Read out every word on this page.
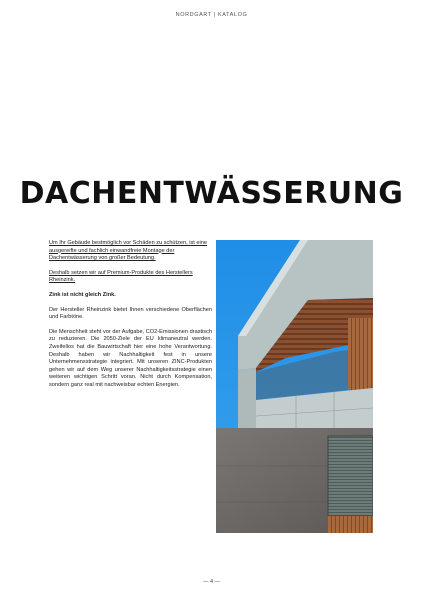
NORDGART | KATALOG
DACHENTWÄSSERUNG

Um Ihr Gebäude bestmöglich vor Schäden zu schützen, ist eine ausgereifte und fachlich einwandfreie Montage der Dachentwässerung von großer Bedeutung.

Deshalb setzen wir auf Premium-Produkte des Herstellers Rheinzink.

Zink ist nicht gleich Zink.

Der Hersteller Rheinzink bietet Ihnen verschiedene Oberflächen und Farbtöne.

Die Menschheit steht vor der Aufgabe, CO2-Emissionen drastisch zu reduzieren. Die 2050-Ziele der EU klimaneutral werden. Zweifellos hat die Bauwirtschaft hier eine hohe Verantwortung. Deshalb haben wir Nachhaltigkeit fest in unsere Unternehmensstrategie integriert. Mit unseren ZINC-Produkten gehen wir auf dem Weg unserer Nachhaltigkeitsstrategie einen weiteren wichtigen Schritt voran. Nicht durch Kompensation, sondern ganz real mit nachweisbar echten Energien.

— 4 —
